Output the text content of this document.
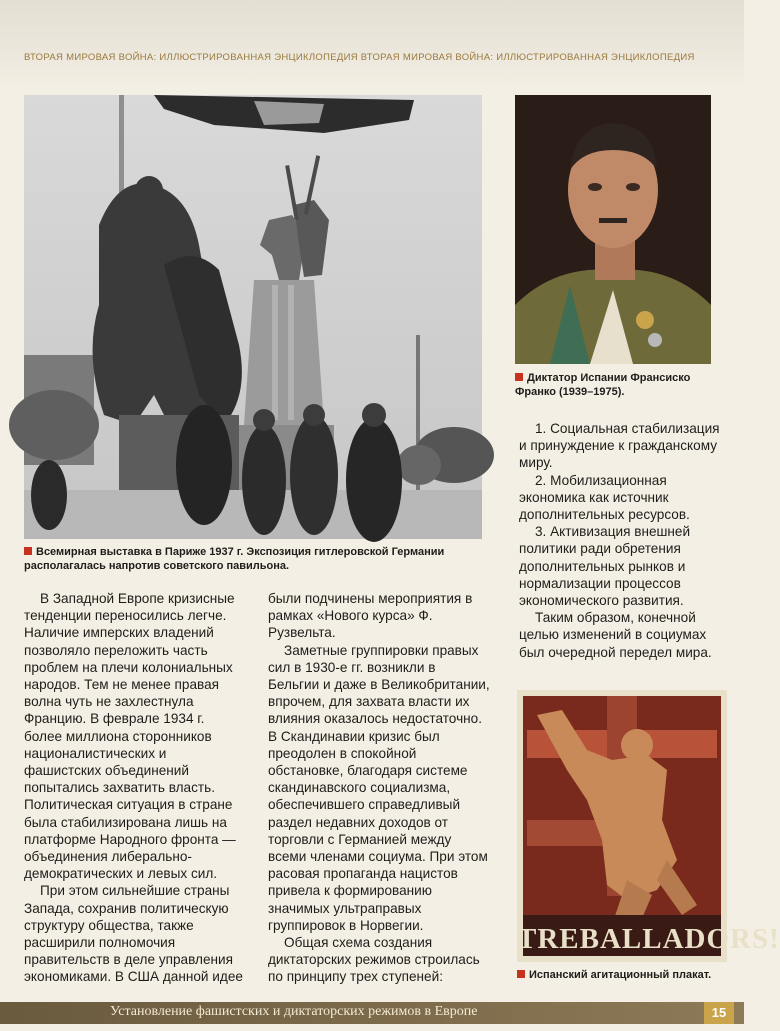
ВТОРАЯ МИРОВАЯ ВОЙНА: ИЛЛЮСТРИРОВАННАЯ ЭНЦИКЛОПЕДИЯ ВТОРАЯ МИРОВАЯ ВОЙНА: ИЛЛЮСТРИРОВАННАЯ ЭНЦИКЛОПЕДИЯ
Всемирная выставка в Париже 1937 г. Экспозиция гитлеровской Германии располагалась напротив советского павильона.
Диктатор Испании Франсиско Франко (1939–1975).

В Западной Европе кризисные тенденции переносились легче. Наличие имперских владений позволяло переложить часть проблем на плечи колониальных народов. Тем не менее правая волна чуть не захлестнула Францию. В феврале 1934 г. более миллиона сторонников националистических и фашистских объединений попытались захватить власть. Политическая ситуация в стране была стабилизирована лишь на платформе Народного фронта — объединения либерально-демократических и левых сил.

При этом сильнейшие страны Запада, сохранив политическую структуру общества, также расширили полномочия правительств в деле управления экономиками. В США данной идее

были подчинены мероприятия в рамках «Нового курса» Ф. Рузвельта.

Заметные группировки правых сил в 1930-е гг. возникли в Бельгии и даже в Великобритании, впрочем, для захвата власти их влияния оказалось недостаточно. В Скандинавии кризис был преодолен в спокойной обстановке, благодаря системе скандинавского социализма, обеспечившего справедливый раздел недавних доходов от торговли с Германией между всеми членами социума. При этом расовая пропаганда нацистов привела к формированию значимых ультраправых группировок в Норвегии.

Общая схема создания диктаторских режимов строилась по принципу трех ступеней:

1. Социальная стабилизация и принуждение к гражданскому миру.

2. Мобилизационная экономика как источник дополнительных ресурсов.

3. Активизация внешней политики ради обретения дополнительных рынков и нормализации процессов экономического развития.

Таким образом, конечной целью изменений в социумах был очередной передел мира.

TREBALLADORS!
Испанский агитационный плакат.
Установление фашистских и диктаторских режимов в Европе	15
